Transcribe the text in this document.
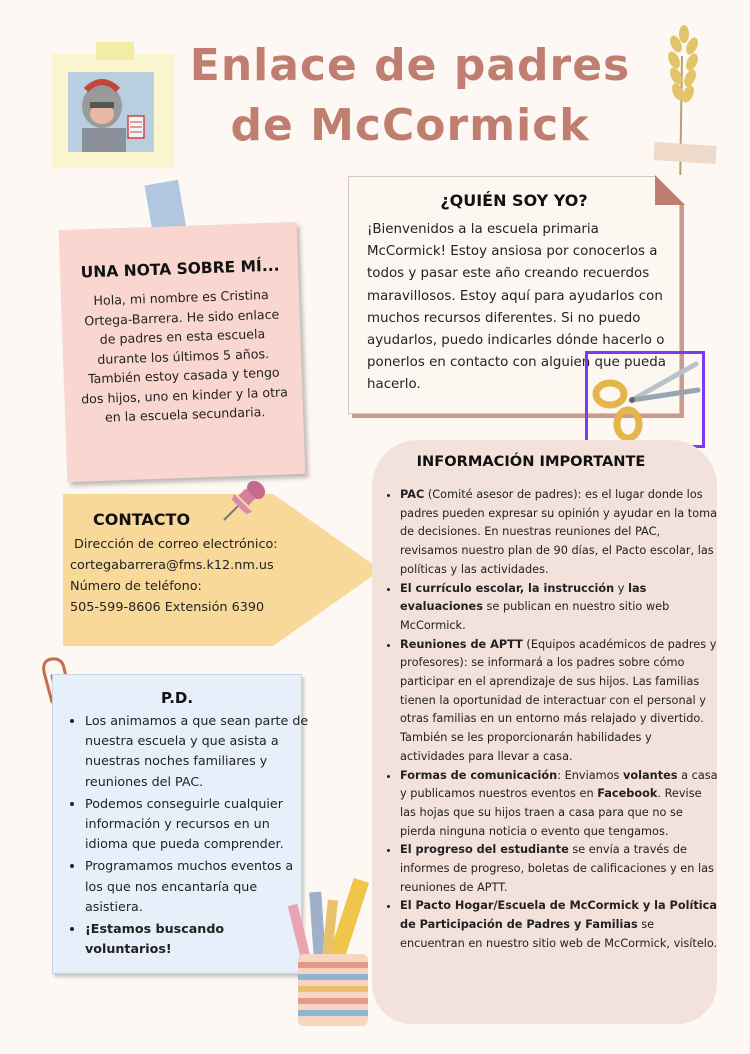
Enlace de padres
de McCormick
UNA NOTA SOBRE MÍ...
Hola, mi nombre es Cristina Ortega-Barrera. He sido enlace de padres en esta escuela durante los últimos 5 años. También estoy casada y tengo dos hijos, uno en kinder y la otra en la escuela secundaria.
¿QUIÉN SOY YO?
¡Bienvenidos a la escuela primaria McCormick! Estoy ansiosa por conocerlos a todos y pasar este año creando recuerdos maravillosos. Estoy aquí para ayudarlos con muchos recursos diferentes. Si no puedo ayudarlos, puedo indicarles dónde hacerlo o ponerlos en contacto con alguien que pueda hacerlo.
CONTACTO
Dirección de correo electrónico:
cortegabarrera@fms.k12.nm.us
Número de teléfono:
505-599-8606 Extensión 6390
P.D.
• Los animamos a que sean parte de nuestra escuela y que asista a nuestras noches familiares y reuniones del PAC.
• Podemos conseguirle cualquier información y recursos en un idioma que pueda comprender.
• Programamos muchos eventos a los que nos encantaría que asistiera.
• ¡Estamos buscando voluntarios!
INFORMACIÓN IMPORTANTE
• PAC (Comité asesor de padres): es el lugar donde los padres pueden expresar su opinión y ayudar en la toma de decisiones. En nuestras reuniones del PAC, revisamos nuestro plan de 90 días, el Pacto escolar, las políticas y las actividades.
• El currículo escolar, la instrucción y las evaluaciones se publican en nuestro sitio web McCormick.
• Reuniones de APTT (Equipos académicos de padres y profesores): se informará a los padres sobre cómo participar en el aprendizaje de sus hijos. Las familias tienen la oportunidad de interactuar con el personal y otras familias en un entorno más relajado y divertido. También se les proporcionarán habilidades y actividades para llevar a casa.
• Formas de comunicación: Enviamos volantes a casa y publicamos nuestros eventos en Facebook. Revise las hojas que su hijos traen a casa para que no se pierda ninguna noticia o evento que tengamos.
• El progreso del estudiante se envía a través de informes de progreso, boletas de calificaciones y en las reuniones de APTT.
• El Pacto Hogar/Escuela de McCormick y la Política de Participación de Padres y Familias se encuentran en nuestro sitio web de McCormick, visítelo.
